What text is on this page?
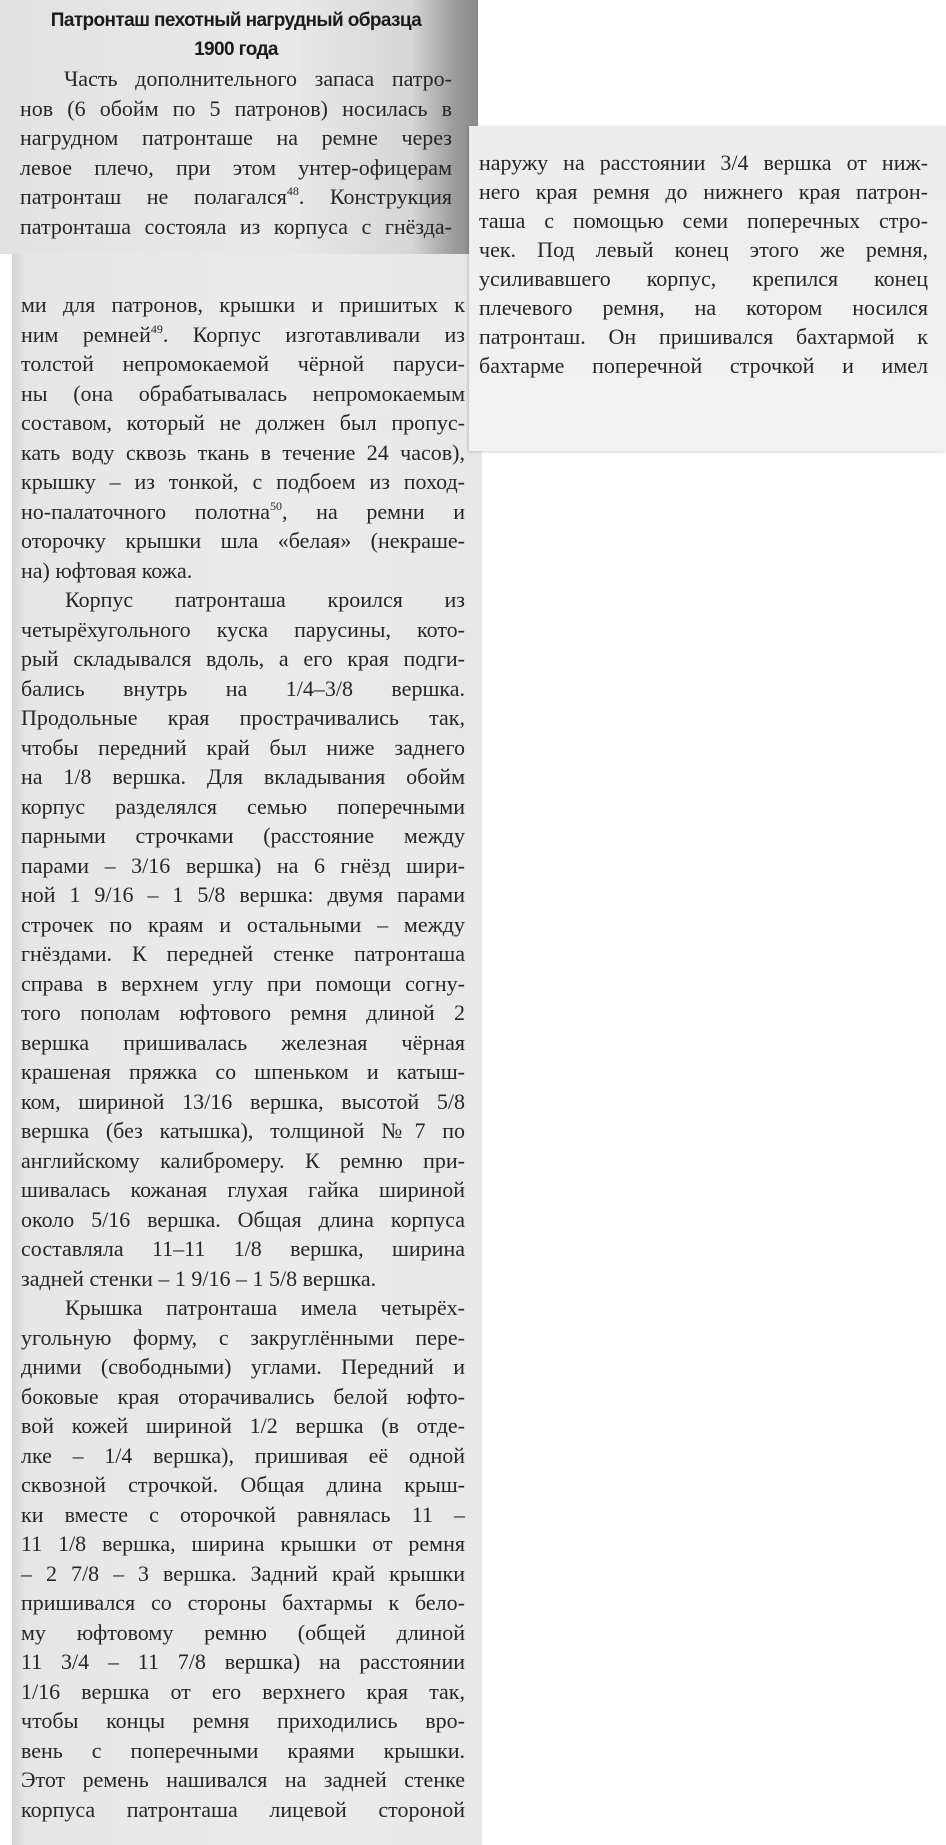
Патронташ пехотный нагрудный образца
1900 года
Часть дополнительного запаса патро-
нов (6 обойм по 5 патронов) носилась в
нагрудном патронташе на ремне через
левое плечо, при этом унтер-офицерам
патронташ не полагался$^{48}$. Конструкция
патронташа состояла из корпуса с гнёзда-
ми для патронов, крышки и пришитых к
ним ремней$^{49}$. Корпус изготавливали из
толстой непромокаемой чёрной паруси-
ны (она обрабатывалась непромокаемым
составом, который не должен был пропус-
кать воду сквозь ткань в течение 24 часов),
крышку – из тонкой, с подбоем из поход-
но-палаточного полотна$^{50}$, на ремни и
оторочку крышки шла «белая» (некраше-
на) юфтовая кожа.
Корпус патронташа кроился из
четырёхугольного куска парусины, кото-
рый складывался вдоль, а его края подги-
бались внутрь на 1/4–3/8 вершка.
Продольные края прострачивались так,
чтобы передний край был ниже заднего
на 1/8 вершка. Для вкладывания обойм
корпус разделялся семью поперечными
парными строчками (расстояние между
парами – 3/16 вершка) на 6 гнёзд шири-
ной 1 9/16 – 1 5/8 вершка: двумя парами
строчек по краям и остальными – между
гнёздами. К передней стенке патронташа
справа в верхнем углу при помощи согну-
того пополам юфтового ремня длиной 2
вершка пришивалась железная чёрная
крашеная пряжка со шпеньком и катыш-
ком, шириной 13/16 вершка, высотой 5/8
вершка (без катышка), толщиной №7 по
английскому калибромеру. К ремню при-
шивалась кожаная глухая гайка шириной
около 5/16 вершка. Общая длина корпуса
составляла 11–11 1/8 вершка, ширина
задней стенки – 1 9/16 – 1 5/8 вершка.
Крышка патронташа имела четырёх-
угольную форму, с закруглёнными пере-
дними (свободными) углами. Передний и
боковые края оторачивались белой юфто-
вой кожей шириной 1/2 вершка (в отде-
лке – 1/4 вершка), пришивая её одной
сквозной строчкой. Общая длина крыш-
ки вместе с оторочкой равнялась 11 –
11 1/8 вершка, ширина крышки от ремня
– 2 7/8 – 3 вершка. Задний край крышки
пришивался со стороны бахтармы к бело-
му юфтовому ремню (общей длиной
11 3/4 – 11 7/8 вершка) на расстоянии
1/16 вершка от его верхнего края так,
чтобы концы ремня приходились вро-
вень с поперечными краями крышки.
Этот ремень нашивался на задней стенке
корпуса патронташа лицевой стороной
наружу на расстоянии 3/4 вершка от ниж-
него края ремня до нижнего края патрон-
таша с помощью семи поперечных стро-
чек. Под левый конец этого же ремня,
усиливавшего корпус, крепился конец
плечевого ремня, на котором носился
патронташ. Он пришивался бахтармой к
бахтарме поперечной строчкой и имел
